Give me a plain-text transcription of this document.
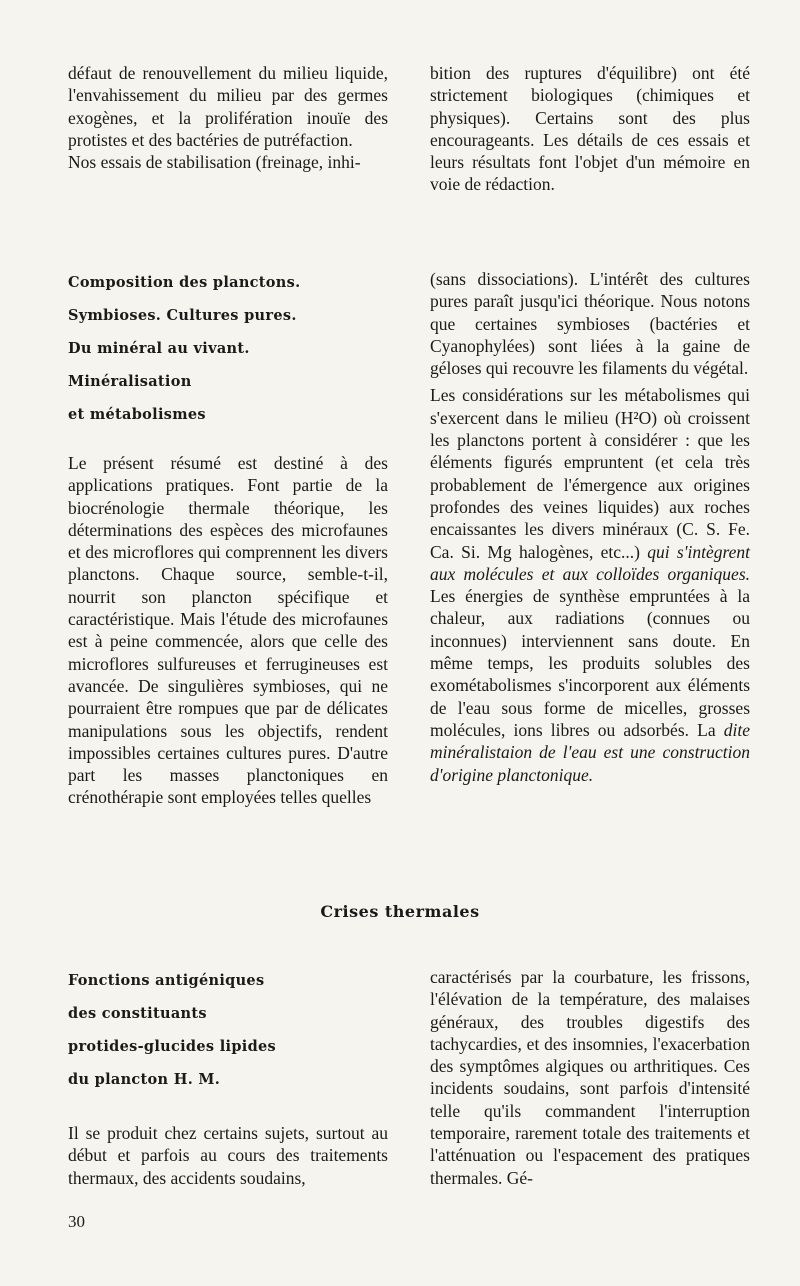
défaut de renouvellement du milieu liquide, l'envahissement du milieu par des germes exogènes, et la prolifération inouïe des protistes et des bactéries de putréfaction.

Nos essais de stabilisation (freinage, inhi-

bition des ruptures d'équilibre) ont été strictement biologiques (chimiques et physiques). Certains sont des plus encourageants. Les détails de ces essais et leurs résultats font l'objet d'un mémoire en voie de rédaction.

Composition des planctons.
Symbioses. Cultures pures.
Du minéral au vivant.
Minéralisation
et métabolismes

Le présent résumé est destiné à des applications pratiques. Font partie de la biocrénologie thermale théorique, les déterminations des espèces des microfaunes et des microflores qui comprennent les divers planctons. Chaque source, semble-t-il, nourrit son plancton spécifique et caractéristique. Mais l'étude des microfaunes est à peine commencée, alors que celle des microflores sulfureuses et ferrugineuses est avancée. De singulières symbioses, qui ne pourraient être rompues que par de délicates manipulations sous les objectifs, rendent impossibles certaines cultures pures. D'autre part les masses planctoniques en crénothérapie sont employées telles quelles

(sans dissociations). L'intérêt des cultures pures paraît jusqu'ici théorique. Nous notons que certaines symbioses (bactéries et Cyanophylées) sont liées à la gaine de géloses qui recouvre les filaments du végétal.

Les considérations sur les métabolismes qui s'exercent dans le milieu (H²O) où croissent les planctons portent à considérer : que les éléments figurés empruntent (et cela très probablement de l'émergence aux origines profondes des veines liquides) aux roches encaissantes les divers minéraux (C. S. Fe. Ca. Si. Mg halogènes, etc...) qui s'intègrent aux molécules et aux colloïdes organiques. Les énergies de synthèse empruntées à la chaleur, aux radiations (connues ou inconnues) interviennent sans doute. En même temps, les produits solubles des exométabolismes s'incorporent aux éléments de l'eau sous forme de micelles, grosses molécules, ions libres ou adsorbés. La dite minéralistaion de l'eau est une construction d'origine planctonique.

Crises thermales
Fonctions antigéniques
des constituants
protides-glucides lipides
du plancton H. M.

Il se produit chez certains sujets, surtout au début et parfois au cours des traitements thermaux, des accidents soudains,

caractérisés par la courbature, les frissons, l'élévation de la température, des malaises généraux, des troubles digestifs des tachycardies, et des insomnies, l'exacerbation des symptômes algiques ou arthritiques. Ces incidents soudains, sont parfois d'intensité telle qu'ils commandent l'interruption temporaire, rarement totale des traitements et l'atténuation ou l'espacement des pratiques thermales. Gé-

30
